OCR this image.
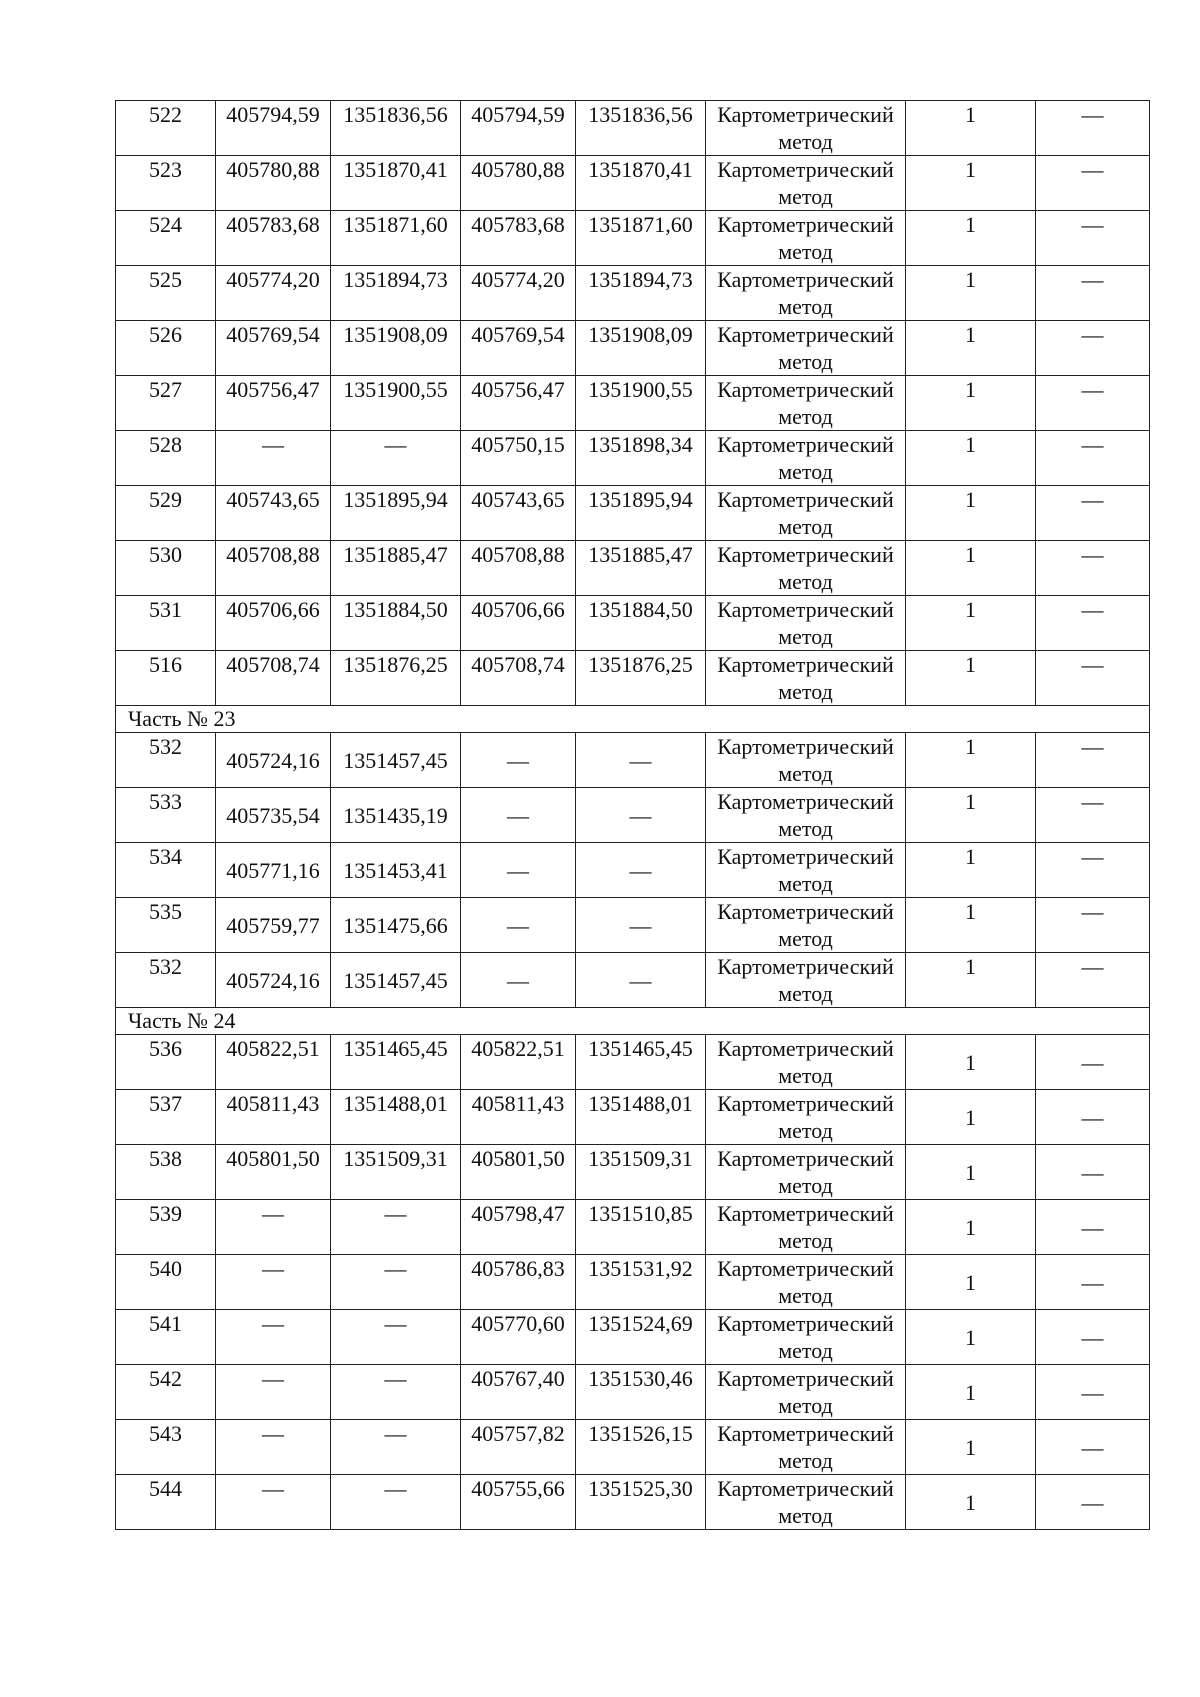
522	405794,59	1351836,56	405794,59	1351836,56	Картометрический
метод	1	—
523	405780,88	1351870,41	405780,88	1351870,41	Картометрический
метод	1	—
524	405783,68	1351871,60	405783,68	1351871,60	Картометрический
метод	1	—
525	405774,20	1351894,73	405774,20	1351894,73	Картометрический
метод	1	—
526	405769,54	1351908,09	405769,54	1351908,09	Картометрический
метод	1	—
527	405756,47	1351900,55	405756,47	1351900,55	Картометрический
метод	1	—
528	—	—	405750,15	1351898,34	Картометрический
метод	1	—
529	405743,65	1351895,94	405743,65	1351895,94	Картометрический
метод	1	—
530	405708,88	1351885,47	405708,88	1351885,47	Картометрический
метод	1	—
531	405706,66	1351884,50	405706,66	1351884,50	Картометрический
метод	1	—
516	405708,74	1351876,25	405708,74	1351876,25	Картометрический
метод	1	—
Часть № 23							
532	405724,16	1351457,45	—	—	Картометрический
метод	1	—
533	405735,54	1351435,19	—	—	Картометрический
метод	1	—
534	405771,16	1351453,41	—	—	Картометрический
метод	1	—
535	405759,77	1351475,66	—	—	Картометрический
метод	1	—
532	405724,16	1351457,45	—	—	Картометрический
метод	1	—
Часть № 24							
536	405822,51	1351465,45	405822,51	1351465,45	Картометрический
метод	1	—
537	405811,43	1351488,01	405811,43	1351488,01	Картометрический
метод	1	—
538	405801,50	1351509,31	405801,50	1351509,31	Картометрический
метод	1	—
539	—	—	405798,47	1351510,85	Картометрический
метод	1	—
540	—	—	405786,83	1351531,92	Картометрический
метод	1	—
541	—	—	405770,60	1351524,69	Картометрический
метод	1	—
542	—	—	405767,40	1351530,46	Картометрический
метод	1	—
543	—	—	405757,82	1351526,15	Картометрический
метод	1	—
544	—	—	405755,66	1351525,30	Картометрический
метод	1	—
